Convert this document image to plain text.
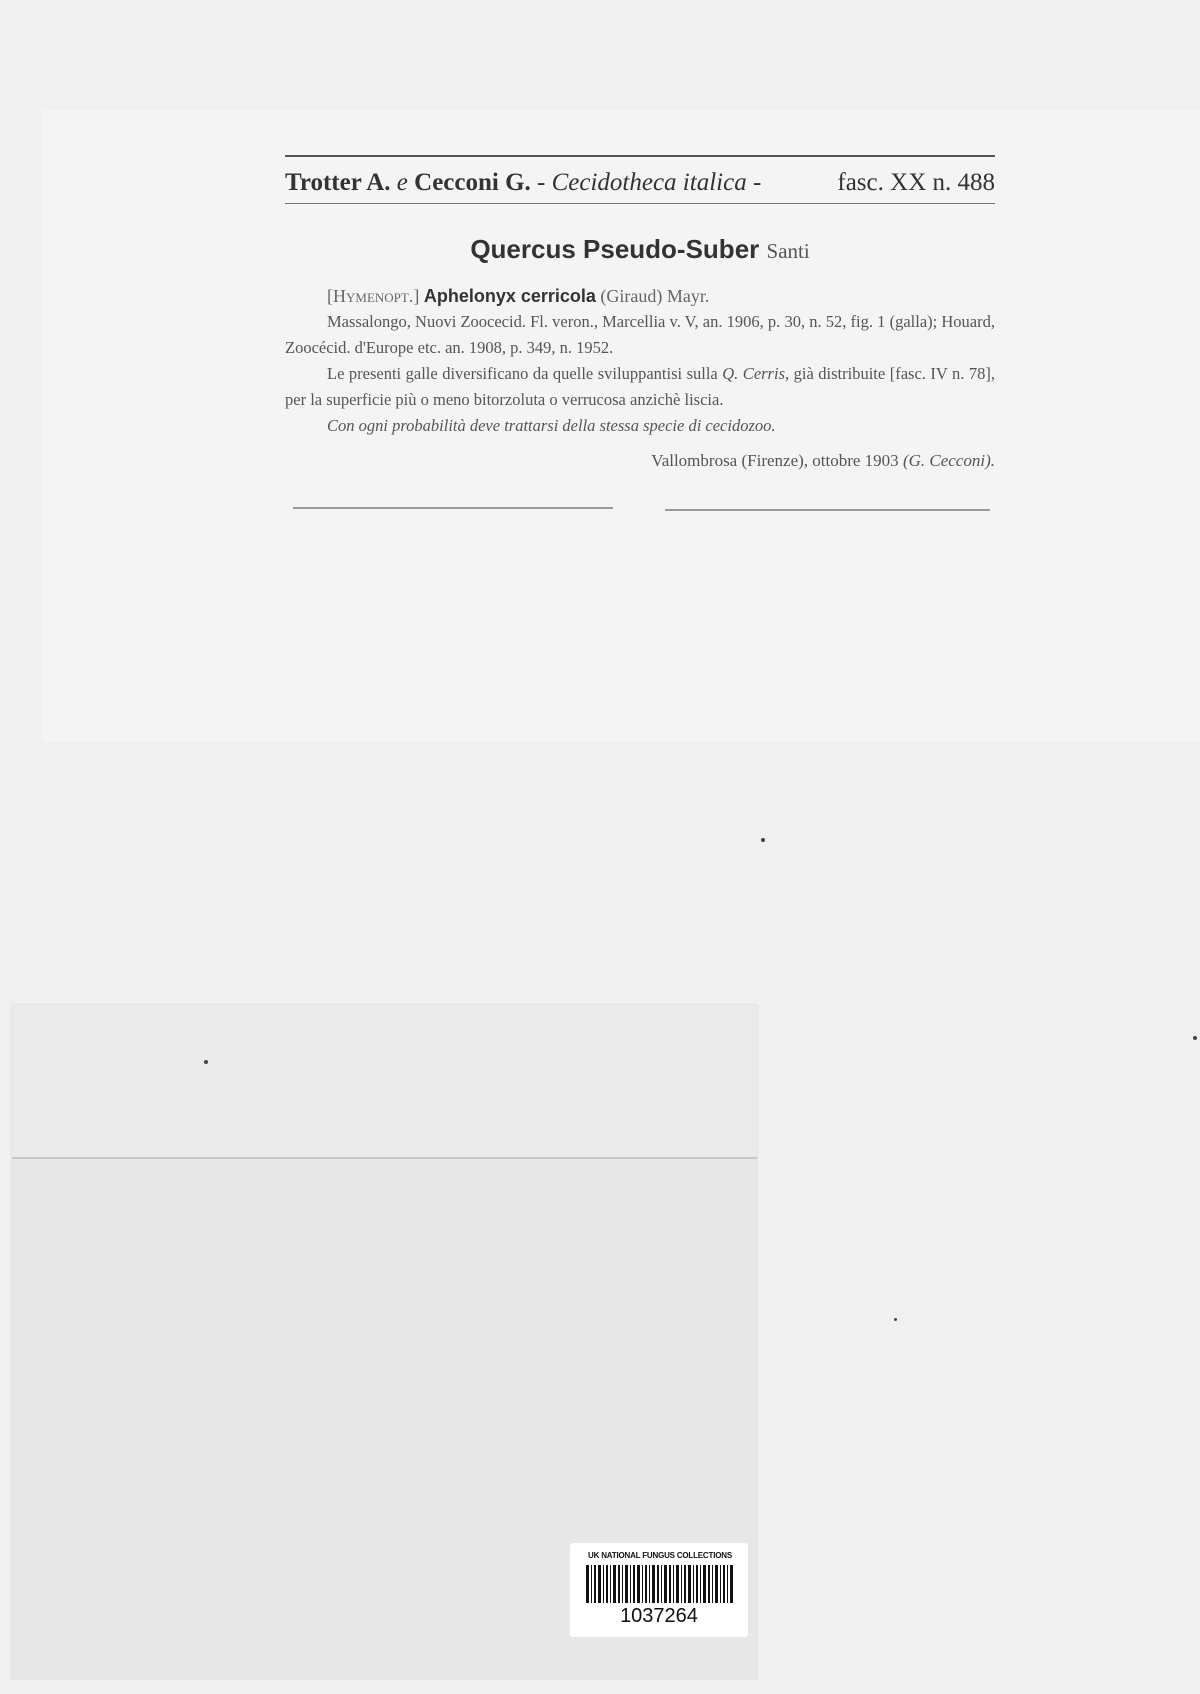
Trotter A. e Cecconi G. - Cecidotheca italica -	fasc. XX n. 488
Quercus Pseudo-Suber Santi
[Hymenopt.] Aphelonyx cerricola (Giraud) Mayr.
Massalongo, Nuovi Zoocecid. Fl. veron., Marcellia v. V, an. 1906, p. 30, n. 52, fig. 1 (galla); Houard, Zoocécid. d'Europe etc. an. 1908, p. 349, n. 1952.
Le presenti galle diversificano da quelle sviluppantisi sulla Q. Cerris, già distribuite [fasc. IV n. 78], per la superficie più o meno bitorzoluta o verrucosa anzichè liscia.
Con ogni probabilità deve trattarsi della stessa specie di cecidozoo.
Vallombrosa (Firenze), ottobre 1903 (G. Cecconi).
UK NATIONAL FUNGUS COLLECTIONS
1037264
